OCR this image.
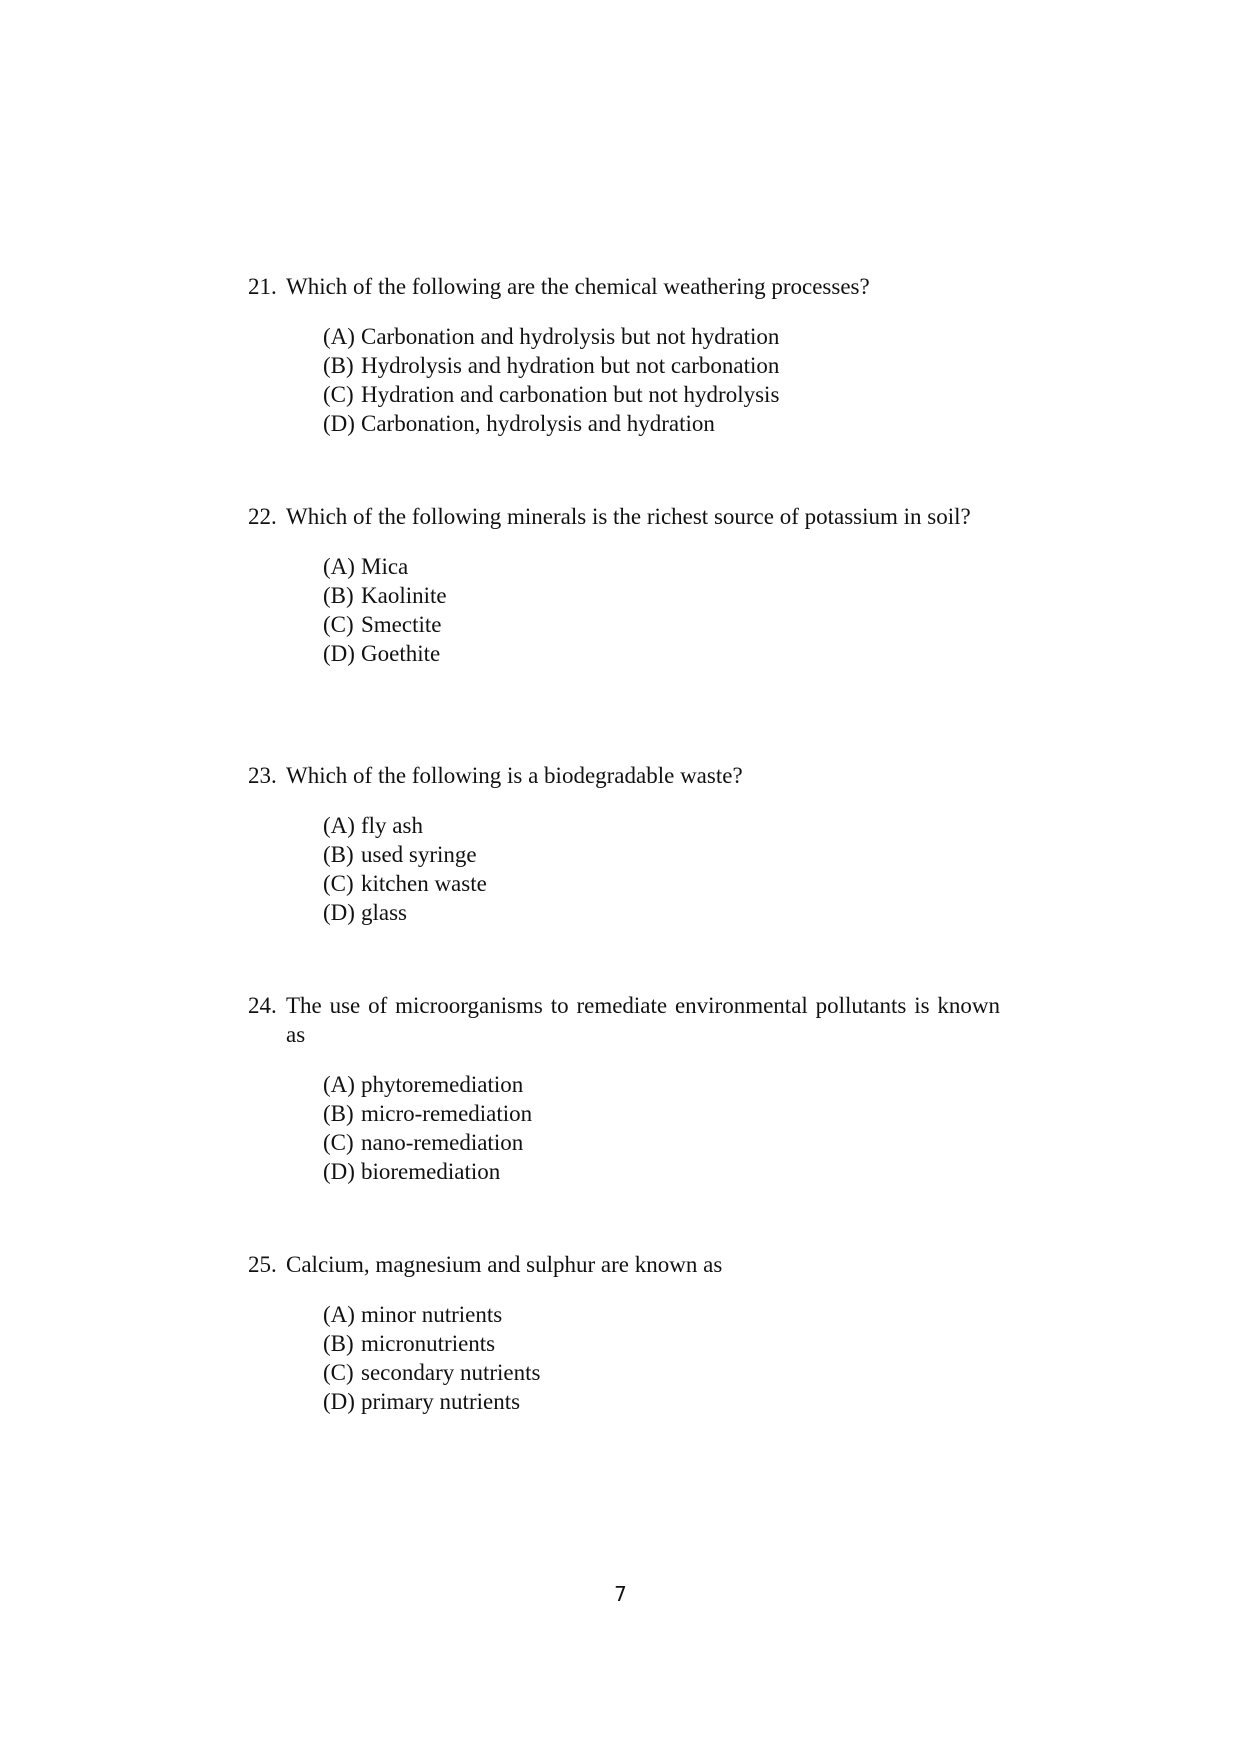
21. Which of the following are the chemical weathering processes?
(A) Carbonation and hydrolysis but not hydration
(B) Hydrolysis and hydration but not carbonation
(C) Hydration and carbonation but not hydrolysis
(D) Carbonation, hydrolysis and hydration
22. Which of the following minerals is the richest source of potassium in soil?
(A) Mica
(B) Kaolinite
(C) Smectite
(D) Goethite
23. Which of the following is a biodegradable waste?
(A) fly ash
(B) used syringe
(C) kitchen waste
(D) glass
24. The use of microorganisms to remediate environmental pollutants is known as
(A) phytoremediation
(B) micro-remediation
(C) nano-remediation
(D) bioremediation
25. Calcium, magnesium and sulphur are known as
(A) minor nutrients
(B) micronutrients
(C) secondary nutrients
(D) primary nutrients
7
